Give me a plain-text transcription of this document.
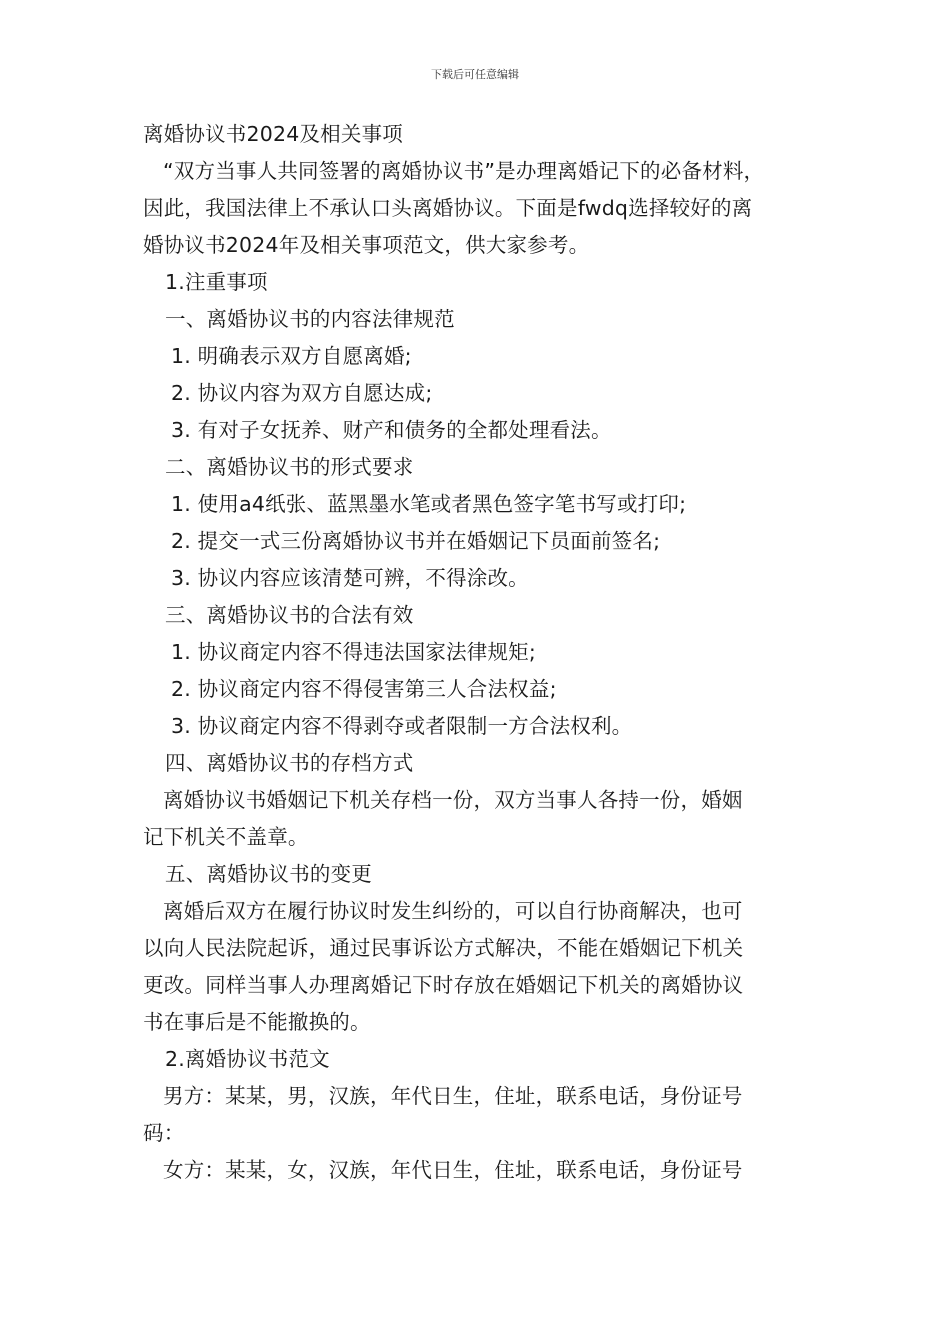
下载后可任意编辑
离婚协议书2024及相关事项
“双方当事人共同签署的离婚协议书”是办理离婚记下的必备材料，
因此，我国法律上不承认口头离婚协议。下面是fwdq选择较好的离
婚协议书2024年及相关事项范文，供大家参考。
1.注重事项
一、离婚协议书的内容法律规范
1. 明确表示双方自愿离婚;
2. 协议内容为双方自愿达成;
3. 有对子女抚养、财产和债务的全都处理看法。
二、离婚协议书的形式要求
1. 使用a4纸张、蓝黑墨水笔或者黑色签字笔书写或打印;
2. 提交一式三份离婚协议书并在婚姻记下员面前签名;
3. 协议内容应该清楚可辨，不得涂改。
三、离婚协议书的合法有效
1. 协议商定内容不得违法国家法律规矩;
2. 协议商定内容不得侵害第三人合法权益;
3. 协议商定内容不得剥夺或者限制一方合法权利。
四、离婚协议书的存档方式
离婚协议书婚姻记下机关存档一份，双方当事人各持一份，婚姻
记下机关不盖章。
五、离婚协议书的变更
离婚后双方在履行协议时发生纠纷的，可以自行协商解决，也可
以向人民法院起诉，通过民事诉讼方式解决，不能在婚姻记下机关
更改。同样当事人办理离婚记下时存放在婚姻记下机关的离婚协议
书在事后是不能撤换的。
2.离婚协议书范文
男方：某某，男，汉族，年代日生，住址，联系电话，身份证号
码：
女方：某某，女，汉族，年代日生，住址，联系电话，身份证号
